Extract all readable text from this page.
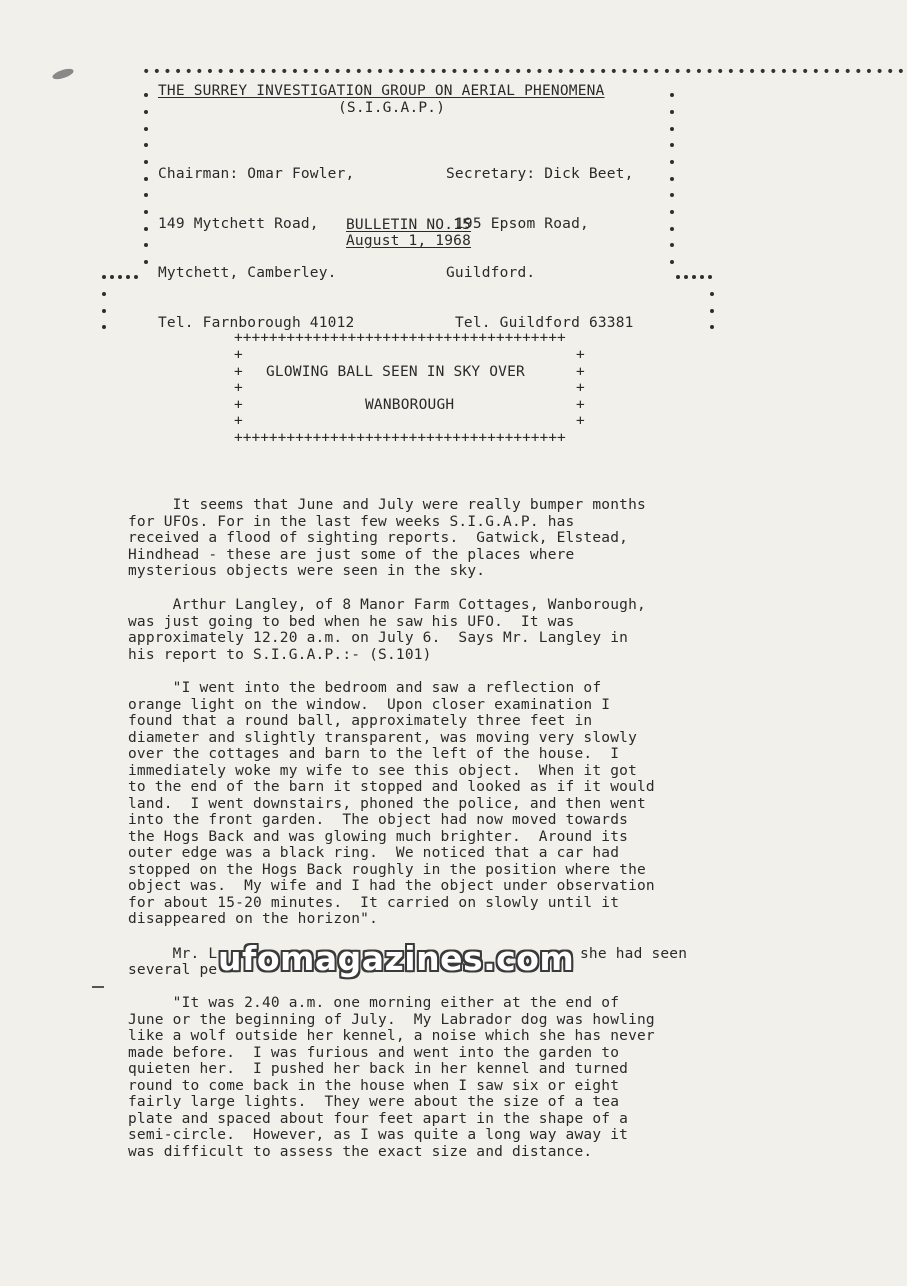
••••••••••••••••••••••••••••••••••••••••••••••••••••••••••••••••••••••••
THE SURREY INVESTIGATION GROUP ON AERIAL PHENOMENA
(S.I.G.A.P.)

Chairman: Omar Fowler,

149 Mytchett Road,

Mytchett, Camberley.

Tel. Farnborough 41012

Secretary: Dick Beet,

195 Epsom Road,

Guildford.

Tel. Guildford 63381

BULLETIN NO.15
August 1, 1968
++++++++++++++++++++++++++++++++++++++
++++++++++++++++++++++++++++++++++++++
+
+
+
+
+
+
+
+
+
+
GLOWING BALL SEEN IN SKY OVER
WANBOROUGH
It seems that June and July were really bumper months
for UFOs. For in the last few weeks S.I.G.A.P. has
received a flood of sighting reports.  Gatwick, Elstead,
Hindhead - these are just some of the places where
mysterious objects were seen in the sky.
Arthur Langley, of 8 Manor Farm Cottages, Wanborough,
was just going to bed when he saw his UFO.  It was
approximately 12.20 a.m. on July 6.  Says Mr. Langley in
his report to S.I.G.A.P.:- (S.101)
"I went into the bedroom and saw a reflection of
orange light on the window.  Upon closer examination I
found that a round ball, approximately three feet in
diameter and slightly transparent, was moving very slowly
over the cottages and barn to the left of the house.  I
immediately woke my wife to see this object.  When it got
to the end of the barn it stopped and looked as if it would
land.  I went downstairs, phoned the police, and then went
into the front garden.  The object had now moved towards
the Hogs Back and was glowing much brighter.  Around its
outer edge was a black ring.  We noticed that a car had
stopped on the Hogs Back roughly in the position where the
object was.  My wife and I had the object under observation
for about 15-20 minutes.  It carried on slowly until it
disappeared on the horizon".
Mr. L	she had seen
several pe
"It was 2.40 a.m. one morning either at the end of
June or the beginning of July.  My Labrador dog was howling
like a wolf outside her kennel, a noise which she has never
made before.  I was furious and went into the garden to
quieten her.  I pushed her back in her kennel and turned
round to come back in the house when I saw six or eight
fairly large lights.  They were about the size of a tea
plate and spaced about four feet apart in the shape of a
semi-circle.  However, as I was quite a long way away it
was difficult to assess the exact size and distance.
ufomagazines.com
